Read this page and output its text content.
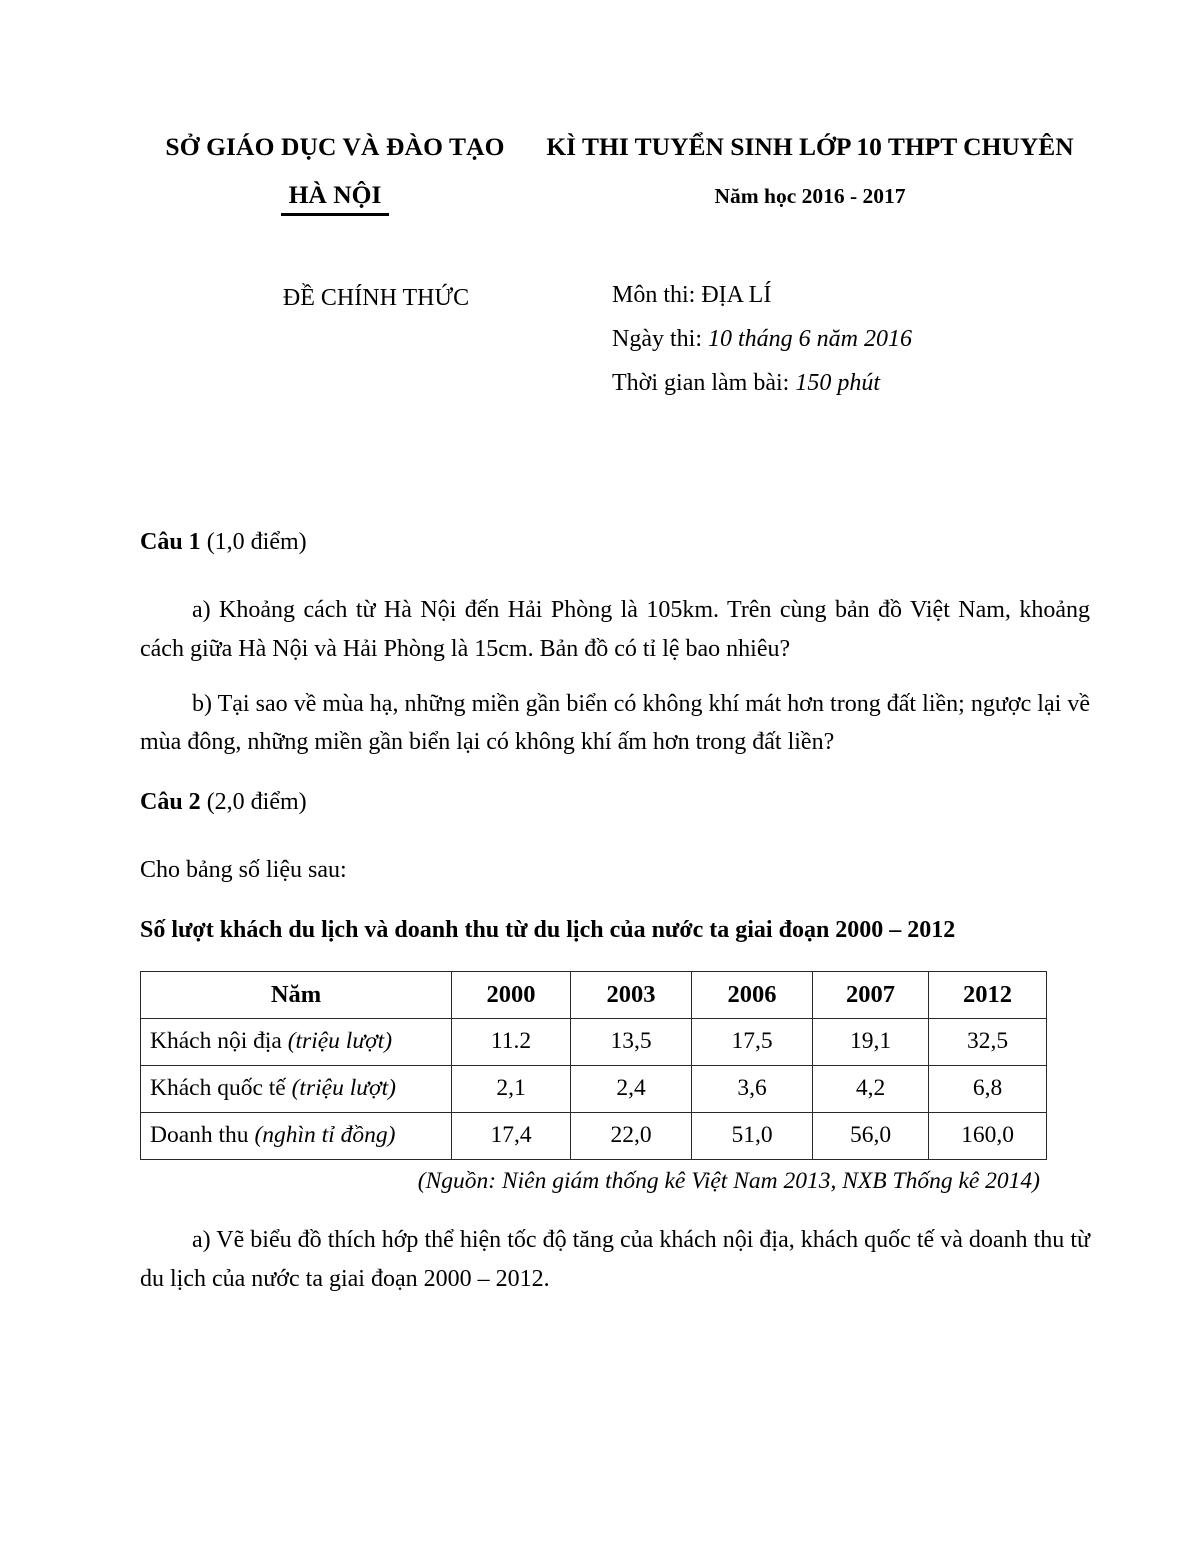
SỞ GIÁO DỤC VÀ ĐÀO TẠO
HÀ NỘI
KÌ THI TUYỂN SINH LỚP 10 THPT CHUYÊN
Năm học 2016 - 2017
ĐỀ CHÍNH THỨC	Môn thi: ĐỊA LÍ
Ngày thi: 10 tháng 6 năm 2016
Thời gian làm bài: 150 phút
Câu 1 (1,0 điểm)

a) Khoảng cách từ Hà Nội đến Hải Phòng là 105km. Trên cùng bản đồ Việt Nam, khoảng cách giữa Hà Nội và Hải Phòng là 15cm. Bản đồ có tỉ lệ bao nhiêu?

b) Tại sao về mùa hạ, những miền gần biển có không khí mát hơn trong đất liền; ngược lại về mùa đông, những miền gần biển lại có không khí ấm hơn trong đất liền?

Câu 2 (2,0 điểm)

Cho bảng số liệu sau:

Số lượt khách du lịch và doanh thu từ du lịch của nước ta giai đoạn 2000 – 2012
Năm	2000	2003	2006	2007	2012
Khách nội địa (triệu lượt)	11.2	13,5	17,5	19,1	32,5
Khách quốc tế (triệu lượt)	2,1	2,4	3,6	4,2	6,8
Doanh thu (nghìn tỉ đồng)	17,4	22,0	51,0	56,0	160,0
(Nguồn: Niên giám thống kê Việt Nam 2013, NXB Thống kê 2014)

a) Vẽ biểu đồ thích hớp thể hiện tốc độ tăng của khách nội địa, khách quốc tế và doanh thu từ du lịch của nước ta giai đoạn 2000 – 2012.
